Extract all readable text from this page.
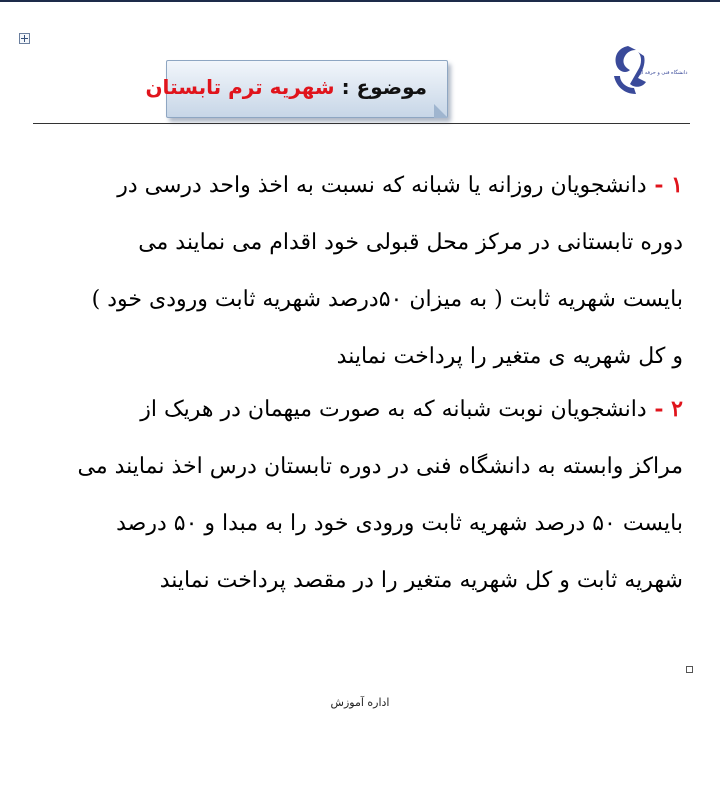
دانشگاه فنی و حرفه ای
موضوع : شهریه ترم تابستان
۱ - دانشجویان روزانه یا شبانه که نسبت به اخذ واحد درسی در
دوره تابستانی در مرکز محل قبولی خود اقدام می نمایند می
بایست شهریه ثابت ( به میزان ۵۰درصد شهریه ثابت ورودی خود )
و کل شهریه ی متغیر را پرداخت نمایند
۲ - دانشجویان نوبت شبانه که به صورت میهمان در هریک از
مراکز وابسته به دانشگاه فنی در دوره تابستان درس اخذ نمایند می
بایست ۵۰ درصد شهریه ثابت ورودی خود را به مبدا و ۵۰ درصد
شهریه ثابت و کل شهریه متغیر را در مقصد پرداخت نمایند
اداره آموزش
